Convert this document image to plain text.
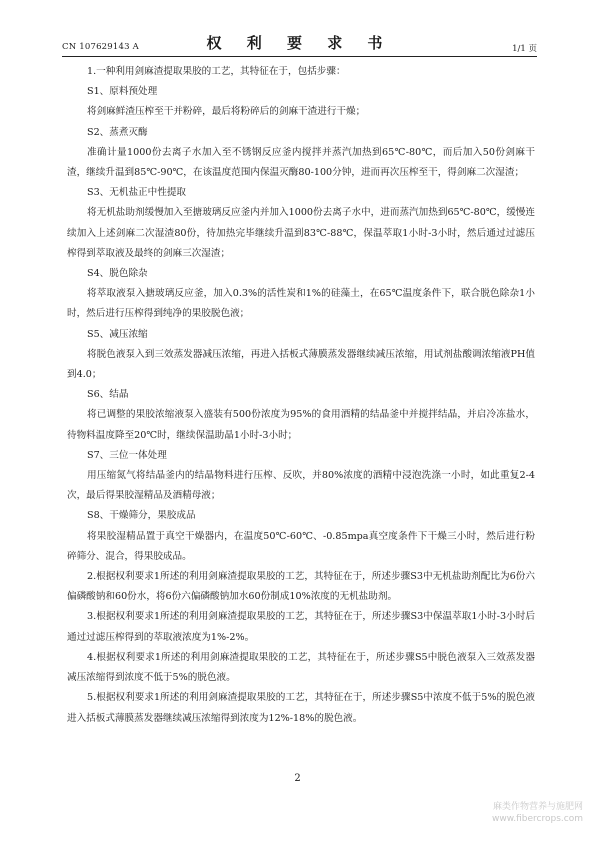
CN 107629143 A	权 利 要 求 书	1/1 页

1.一种利用剑麻渣提取果胶的工艺，其特征在于，包括步骤：

S1、原料预处理

将剑麻鲜渣压榨至干并粉碎，最后将粉碎后的剑麻干渣进行干燥；

S2、蒸煮灭酶

准确计量1000份去离子水加入至不锈钢反应釜内搅拌并蒸汽加热到65℃-80℃，而后加入50份剑麻干渣，继续升温到85℃-90℃，在该温度范围内保温灭酶80-100分钟，进而再次压榨至干，得剑麻二次湿渣；

S3、无机盐正中性提取

将无机盐助剂缓慢加入至搪玻璃反应釜内并加入1000份去离子水中，进而蒸汽加热到65℃-80℃，缓慢连续加入上述剑麻二次湿渣80份，待加热完毕继续升温到83℃-88℃，保温萃取1小时-3小时，然后通过过滤压榨得到萃取液及最终的剑麻三次湿渣；

S4、脱色除杂

将萃取液泵入搪玻璃反应釜，加入0.3%的活性炭和1%的硅藻土，在65℃温度条件下，联合脱色除杂1小时，然后进行压榨得到纯净的果胶脱色液；

S5、减压浓缩

将脱色液泵入到三效蒸发器减压浓缩，再进入括板式薄膜蒸发器继续减压浓缩，用试剂盐酸调浓缩液PH值到4.0；

S6、结晶

将已调整的果胶浓缩液泵入盛装有500份浓度为95%的食用酒精的结晶釜中并搅拌结晶，并启冷冻盐水，待物料温度降至20℃时，继续保温助晶1小时-3小时；

S7、三位一体处理

用压缩氮气将结晶釜内的结晶物料进行压榨、反吹，并80%浓度的酒精中浸泡洗涤一小时，如此重复2-4次，最后得果胶湿精品及酒精母液；

S8、干燥筛分，果胶成品

将果胶湿精品置于真空干燥器内，在温度50℃-60℃、-0.85mpa真空度条件下干燥三小时，然后进行粉碎筛分、混合，得果胶成品。

2.根据权利要求1所述的利用剑麻渣提取果胶的工艺，其特征在于，所述步骤S3中无机盐助剂配比为6份六偏磷酸钠和60份水，将6份六偏磷酸钠加水60份制成10%浓度的无机盐助剂。

3.根据权利要求1所述的利用剑麻渣提取果胶的工艺，其特征在于，所述步骤S3中保温萃取1小时-3小时后通过过滤压榨得到的萃取液浓度为1%-2%。

4.根据权利要求1所述的利用剑麻渣提取果胶的工艺，其特征在于，所述步骤S5中脱色液泵入三效蒸发器减压浓缩得到浓度不低于5%的脱色液。

5.根据权利要求1所述的利用剑麻渣提取果胶的工艺，其特征在于，所述步骤S5中浓度不低于5%的脱色液进入括板式薄膜蒸发器继续减压浓缩得到浓度为12%-18%的脱色液。

2
麻类作物营养与施肥网
www.fibercrops.com
